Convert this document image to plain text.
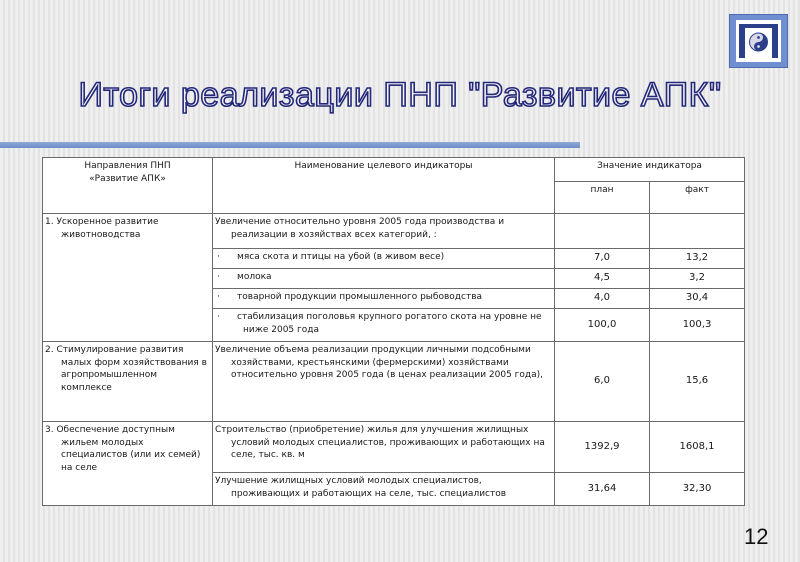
Итоги реализации ПНП "Развитие АПК"
Направления ПНП «Развитие АПК»	Наименование целевого индикаторы	Значение индикатора	
		план	факт
1. Ускоренное развитие животноводства	Увеличение относительно уровня 2005 года производства и реализации в хозяйствах всех категорий, :		
	· мяса скота и птицы на убой (в живом весе)	7,0	13,2
	· молока	4,5	3,2
	· товарной продукции промышленного рыбоводства	4,0	30,4
	· стабилизация поголовья крупного рогатого скота на уровне не ниже 2005 года	100,0	100,3
2. Стимулирование развития малых форм хозяйствования в агропромышленном комплексе	Увеличение объема реализации продукции личными подсобными хозяйствами, крестьянскими (фермерскими) хозяйствами относительно уровня 2005 года (в ценах реализации 2005 года),	6,0	15,6
3. Обеспечение доступным жильем молодых специалистов (или их семей) на селе	Строительство (приобретение) жилья для улучшения жилищных условий молодых специалистов, проживающих и работающих на селе, тыс. кв. м	1392,9	1608,1
	Улучшение жилищных условий молодых специалистов, проживающих и работающих на селе, тыс. специалистов	31,64	32,30
12
